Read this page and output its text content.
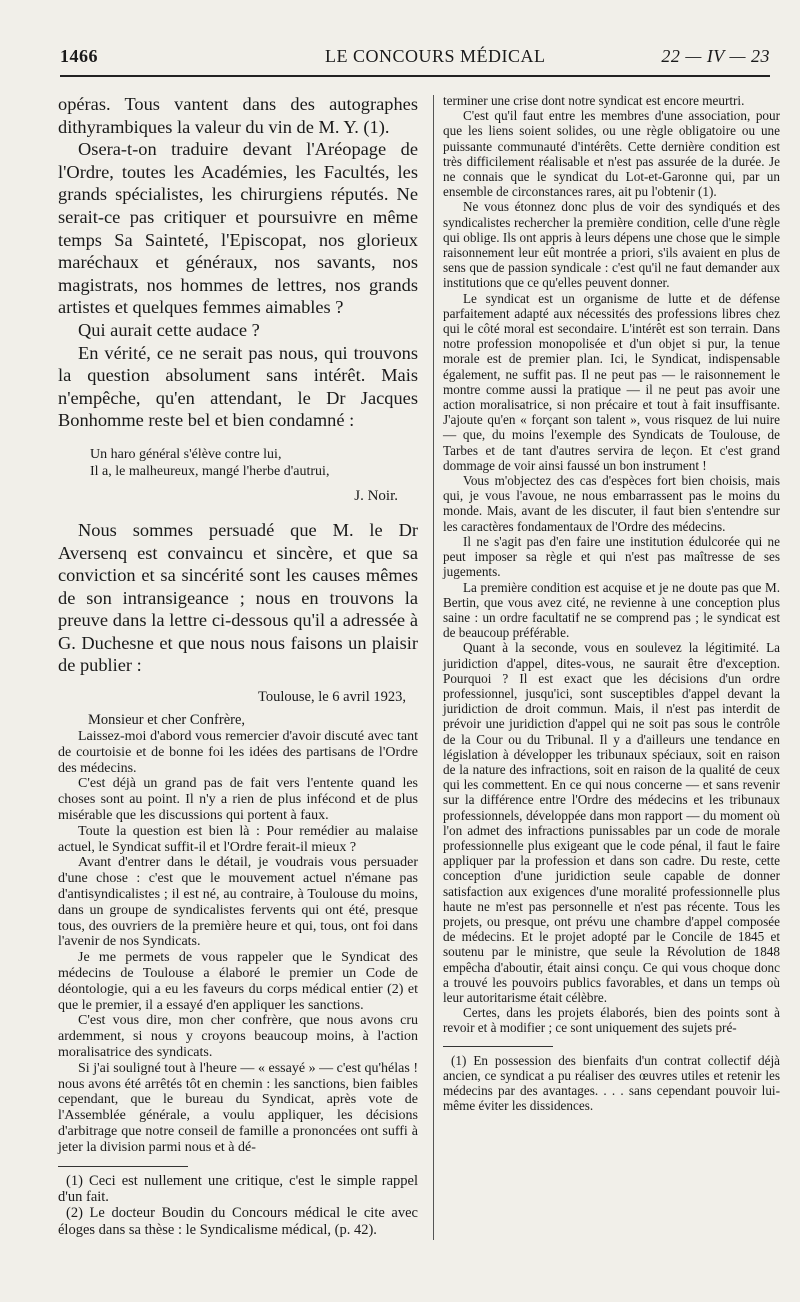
1466	LE CONCOURS MÉDICAL	22 — IV — 23

opéras. Tous vantent dans des autographes dithyrambiques la valeur du vin de M. Y. (1).

Osera-t-on traduire devant l'Aréopage de l'Ordre, toutes les Académies, les Facultés, les grands spécialistes, les chirurgiens réputés. Ne serait-ce pas critiquer et poursuivre en même temps Sa Sainteté, l'Episcopat, nos glorieux maréchaux et généraux, nos savants, nos magistrats, nos hommes de lettres, nos grands artistes et quelques femmes aimables ?

Qui aurait cette audace ?

En vérité, ce ne serait pas nous, qui trouvons la question absolument sans intérêt. Mais n'empêche, qu'en attendant, le Dr Jacques Bonhomme reste bel et bien condamné :

Un haro général s'élève contre lui,

Il a, le malheureux, mangé l'herbe d'autrui,

J. Noir.

Nous sommes persuadé que M. le Dr Aversenq est convaincu et sincère, et que sa conviction et sa sincérité sont les causes mêmes de son intransigeance ; nous en trouvons la preuve dans la lettre ci-dessous qu'il a adressée à G. Duchesne et que nous nous faisons un plaisir de publier :

Toulouse, le 6 avril 1923,

Monsieur et cher Confrère,

Laissez-moi d'abord vous remercier d'avoir discuté avec tant de courtoisie et de bonne foi les idées des partisans de l'Ordre des médecins.

C'est déjà un grand pas de fait vers l'entente quand les choses sont au point. Il n'y a rien de plus infécond et de plus misérable que les discussions qui portent à faux.

Toute la question est bien là : Pour remédier au malaise actuel, le Syndicat suffit-il et l'Ordre ferait-il mieux ?

Avant d'entrer dans le détail, je voudrais vous persuader d'une chose : c'est que le mouvement actuel n'émane pas d'antisyndicalistes ; il est né, au contraire, à Toulouse du moins, dans un groupe de syndicalistes fervents qui ont été, presque tous, des ouvriers de la première heure et qui, tous, ont foi dans l'avenir de nos Syndicats.

Je me permets de vous rappeler que le Syndicat des médecins de Toulouse a élaboré le premier un Code de déontologie, qui a eu les faveurs du corps médical entier (2) et que le premier, il a essayé d'en appliquer les sanctions.

C'est vous dire, mon cher confrère, que nous avons cru ardemment, si nous y croyons beaucoup moins, à l'action moralisatrice des syndicats.

Si j'ai souligné tout à l'heure — « essayé » — c'est qu'hélas ! nous avons été arrêtés tôt en chemin : les sanctions, bien faibles cependant, que le bureau du Syndicat, après vote de l'Assemblée générale, a voulu appliquer, les décisions d'arbitrage que notre conseil de famille a prononcées ont suffi à jeter la division parmi nous et à dé-

(1) Ceci est nullement une critique, c'est le simple rappel d'un fait.

(2) Le docteur Boudin du Concours médical le cite avec éloges dans sa thèse : le Syndicalisme médical, (p. 42).

terminer une crise dont notre syndicat est encore meurtri.

C'est qu'il faut entre les membres d'une association, pour que les liens soient solides, ou une règle obligatoire ou une puissante communauté d'intérêts. Cette dernière condition est très difficilement réalisable et n'est pas assurée de la durée. Je ne connais que le syndicat du Lot-et-Garonne qui, par un ensemble de circonstances rares, ait pu l'obtenir (1).

Ne vous étonnez donc plus de voir des syndiqués et des syndicalistes rechercher la première condition, celle d'une règle qui oblige. Ils ont appris à leurs dépens une chose que le simple raisonnement leur eût montrée a priori, s'ils avaient en plus de sens que de passion syndicale : c'est qu'il ne faut demander aux institutions que ce qu'elles peuvent donner.

Le syndicat est un organisme de lutte et de défense parfaitement adapté aux nécessités des professions libres chez qui le côté moral est secondaire. L'intérêt est son terrain. Dans notre profession monopolisée et d'un objet si pur, la tenue morale est de premier plan. Ici, le Syndicat, indispensable également, ne suffit pas. Il ne peut pas — le raisonnement le montre comme aussi la pratique — il ne peut pas avoir une action moralisatrice, si non précaire et tout à fait insuffisante. J'ajoute qu'en « forçant son talent », vous risquez de lui nuire — que, du moins l'exemple des Syndicats de Toulouse, de Tarbes et de tant d'autres servira de leçon. Et c'est grand dommage de voir ainsi faussé un bon instrument !

Vous m'objectez des cas d'espèces fort bien choisis, mais qui, je vous l'avoue, ne nous embarrassent pas le moins du monde. Mais, avant de les discuter, il faut bien s'entendre sur les caractères fondamentaux de l'Ordre des médecins.

Il ne s'agit pas d'en faire une institution édulcorée qui ne peut imposer sa règle et qui n'est pas maîtresse de ses jugements.

La première condition est acquise et je ne doute pas que M. Bertin, que vous avez cité, ne revienne à une conception plus saine : un ordre facultatif ne se comprend pas ; le syndicat est de beaucoup préférable.

Quant à la seconde, vous en soulevez la légitimité. La juridiction d'appel, dites-vous, ne saurait être d'exception. Pourquoi ? Il est exact que les décisions d'un ordre professionnel, jusqu'ici, sont susceptibles d'appel devant la juridiction de droit commun. Mais, il n'est pas interdit de prévoir une juridiction d'appel qui ne soit pas sous le contrôle de la Cour ou du Tribunal. Il y a d'ailleurs une tendance en législation à développer les tribunaux spéciaux, soit en raison de la nature des infractions, soit en raison de la qualité de ceux qui les commettent. En ce qui nous concerne — et sans revenir sur la différence entre l'Ordre des médecins et les tribunaux professionnels, développée dans mon rapport — du moment où l'on admet des infractions punissables par un code de morale professionnelle plus exigeant que le code pénal, il faut le faire appliquer par la profession et dans son cadre. Du reste, cette conception d'une juridiction seule capable de donner satisfaction aux exigences d'une moralité professionnelle plus haute ne m'est pas personnelle et n'est pas récente. Tous les projets, ou presque, ont prévu une chambre d'appel composée de médecins. Et le projet adopté par le Concile de 1845 et soutenu par le ministre, que seule la Révolution de 1848 empêcha d'aboutir, était ainsi conçu. Ce qui vous choque donc a trouvé les pouvoirs publics favorables, et dans un temps où leur autoritarisme était célèbre.

Certes, dans les projets élaborés, bien des points sont à revoir et à modifier ; ce sont uniquement des sujets pré-

(1) En possession des bienfaits d'un contrat collectif déjà ancien, ce syndicat a pu réaliser des œuvres utiles et retenir les médecins par des avantages. . . . sans cependant pouvoir lui-même éviter les dissidences.
